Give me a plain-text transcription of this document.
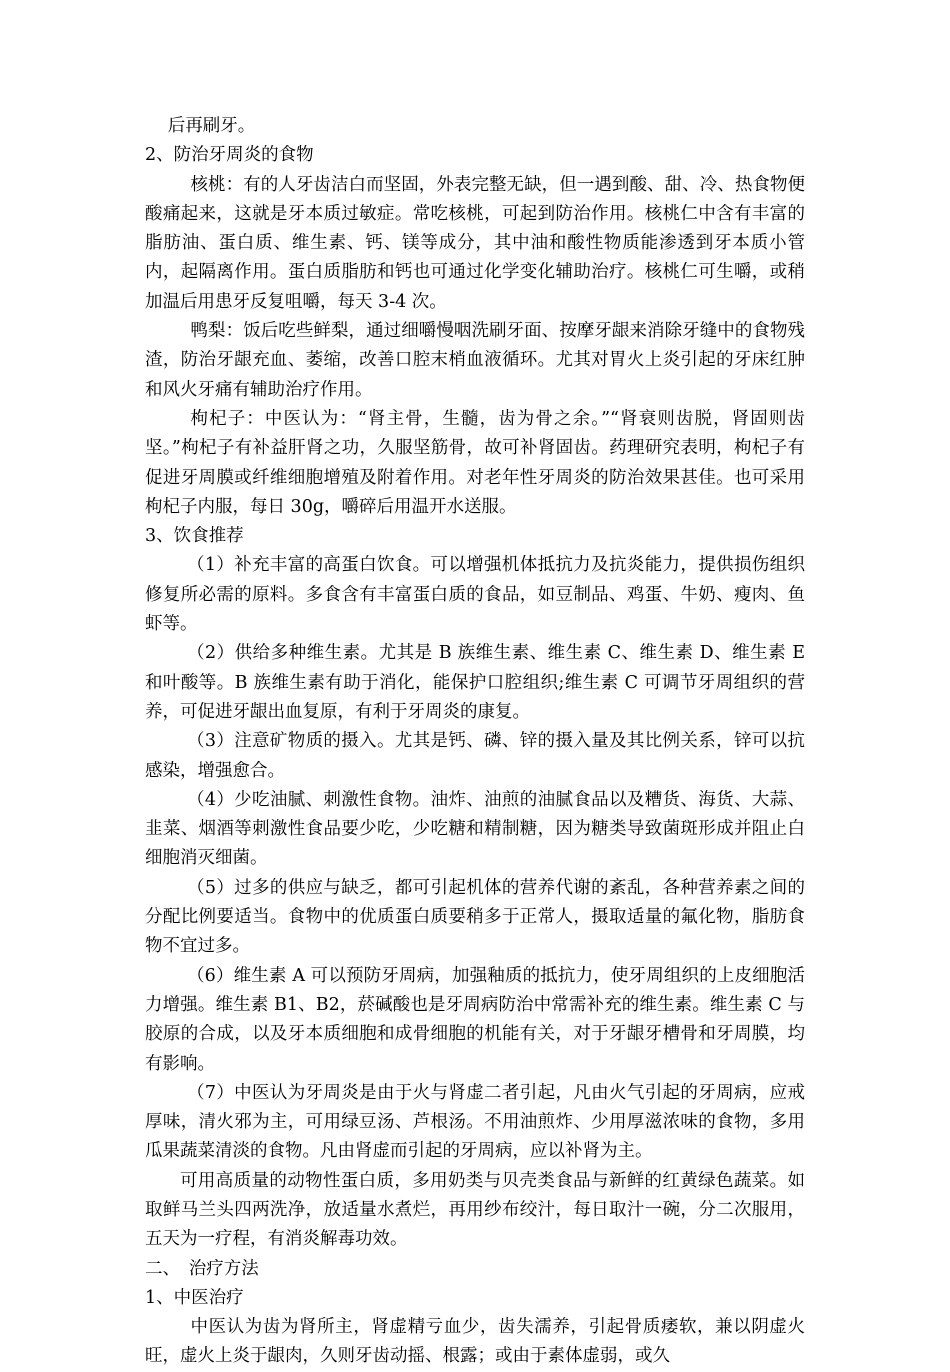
后再刷牙。

2、防治牙周炎的食物

核桃：有的人牙齿洁白而坚固，外表完整无缺，但一遇到酸、甜、冷、热食物便酸痛起来，这就是牙本质过敏症。常吃核桃，可起到防治作用。核桃仁中含有丰富的脂肪油、蛋白质、维生素、钙、镁等成分，其中油和酸性物质能渗透到牙本质小管内，起隔离作用。蛋白质脂肪和钙也可通过化学变化辅助治疗。核桃仁可生嚼，或稍加温后用患牙反复咀嚼，每天 3-4 次。

鸭梨：饭后吃些鲜梨，通过细嚼慢咽洗刷牙面、按摩牙龈来消除牙缝中的食物残渣，防治牙龈充血、萎缩，改善口腔末梢血液循环。尤其对胃火上炎引起的牙床红肿和风火牙痛有辅助治疗作用。

枸杞子：中医认为：“肾主骨，生髓，齿为骨之余。”“肾衰则齿脱，肾固则齿坚。”枸杞子有补益肝肾之功，久服坚筋骨，故可补肾固齿。药理研究表明，枸杞子有促进牙周膜或纤维细胞增殖及附着作用。对老年性牙周炎的防治效果甚佳。也可采用枸杞子内服，每日 30g，嚼碎后用温开水送服。

3、饮食推荐

（1）补充丰富的高蛋白饮食。可以增强机体抵抗力及抗炎能力，提供损伤组织修复所必需的原料。多食含有丰富蛋白质的食品，如豆制品、鸡蛋、牛奶、瘦肉、鱼虾等。

（2）供给多种维生素。尤其是 B 族维生素、维生素 C、维生素 D、维生素 E 和叶酸等。B 族维生素有助于消化，能保护口腔组织;维生素 C 可调节牙周组织的营养，可促进牙龈出血复原，有利于牙周炎的康复。

（3）注意矿物质的摄入。尤其是钙、磷、锌的摄入量及其比例关系，锌可以抗感染，增强愈合。

（4）少吃油腻、刺激性食物。油炸、油煎的油腻食品以及糟货、海货、大蒜、韭菜、烟酒等刺激性食品要少吃，少吃糖和精制糖，因为糖类导致菌斑形成并阻止白细胞消灭细菌。

（5）过多的供应与缺乏，都可引起机体的营养代谢的紊乱，各种营养素之间的分配比例要适当。食物中的优质蛋白质要稍多于正常人，摄取适量的氟化物，脂肪食物不宜过多。

（6）维生素 A 可以预防牙周病，加强釉质的抵抗力，使牙周组织的上皮细胞活力增强。维生素 B1、B2，菸碱酸也是牙周病防治中常需补充的维生素。维生素 C 与胶原的合成，以及牙本质细胞和成骨细胞的机能有关，对于牙龈牙槽骨和牙周膜，均有影响。

（7）中医认为牙周炎是由于火与肾虚二者引起，凡由火气引起的牙周病，应戒厚味，清火邪为主，可用绿豆汤、芦根汤。不用油煎炸、少用厚滋浓味的食物，多用瓜果蔬菜清淡的食物。凡由肾虚而引起的牙周病，应以补肾为主。

可用高质量的动物性蛋白质，多用奶类与贝壳类食品与新鲜的红黄绿色蔬菜。如取鲜马兰头四两洗净，放适量水煮烂，再用纱布绞汁，每日取汁一碗，分二次服用，五天为一疗程，有消炎解毒功效。

二、　治疗方法

1、中医治疗

中医认为齿为肾所主，肾虚精亏血少，齿失濡养，引起骨质痿软，兼以阴虚火旺，虚火上炎于龈肉，久则牙齿动摇、根露；或由于素体虚弱，或久
